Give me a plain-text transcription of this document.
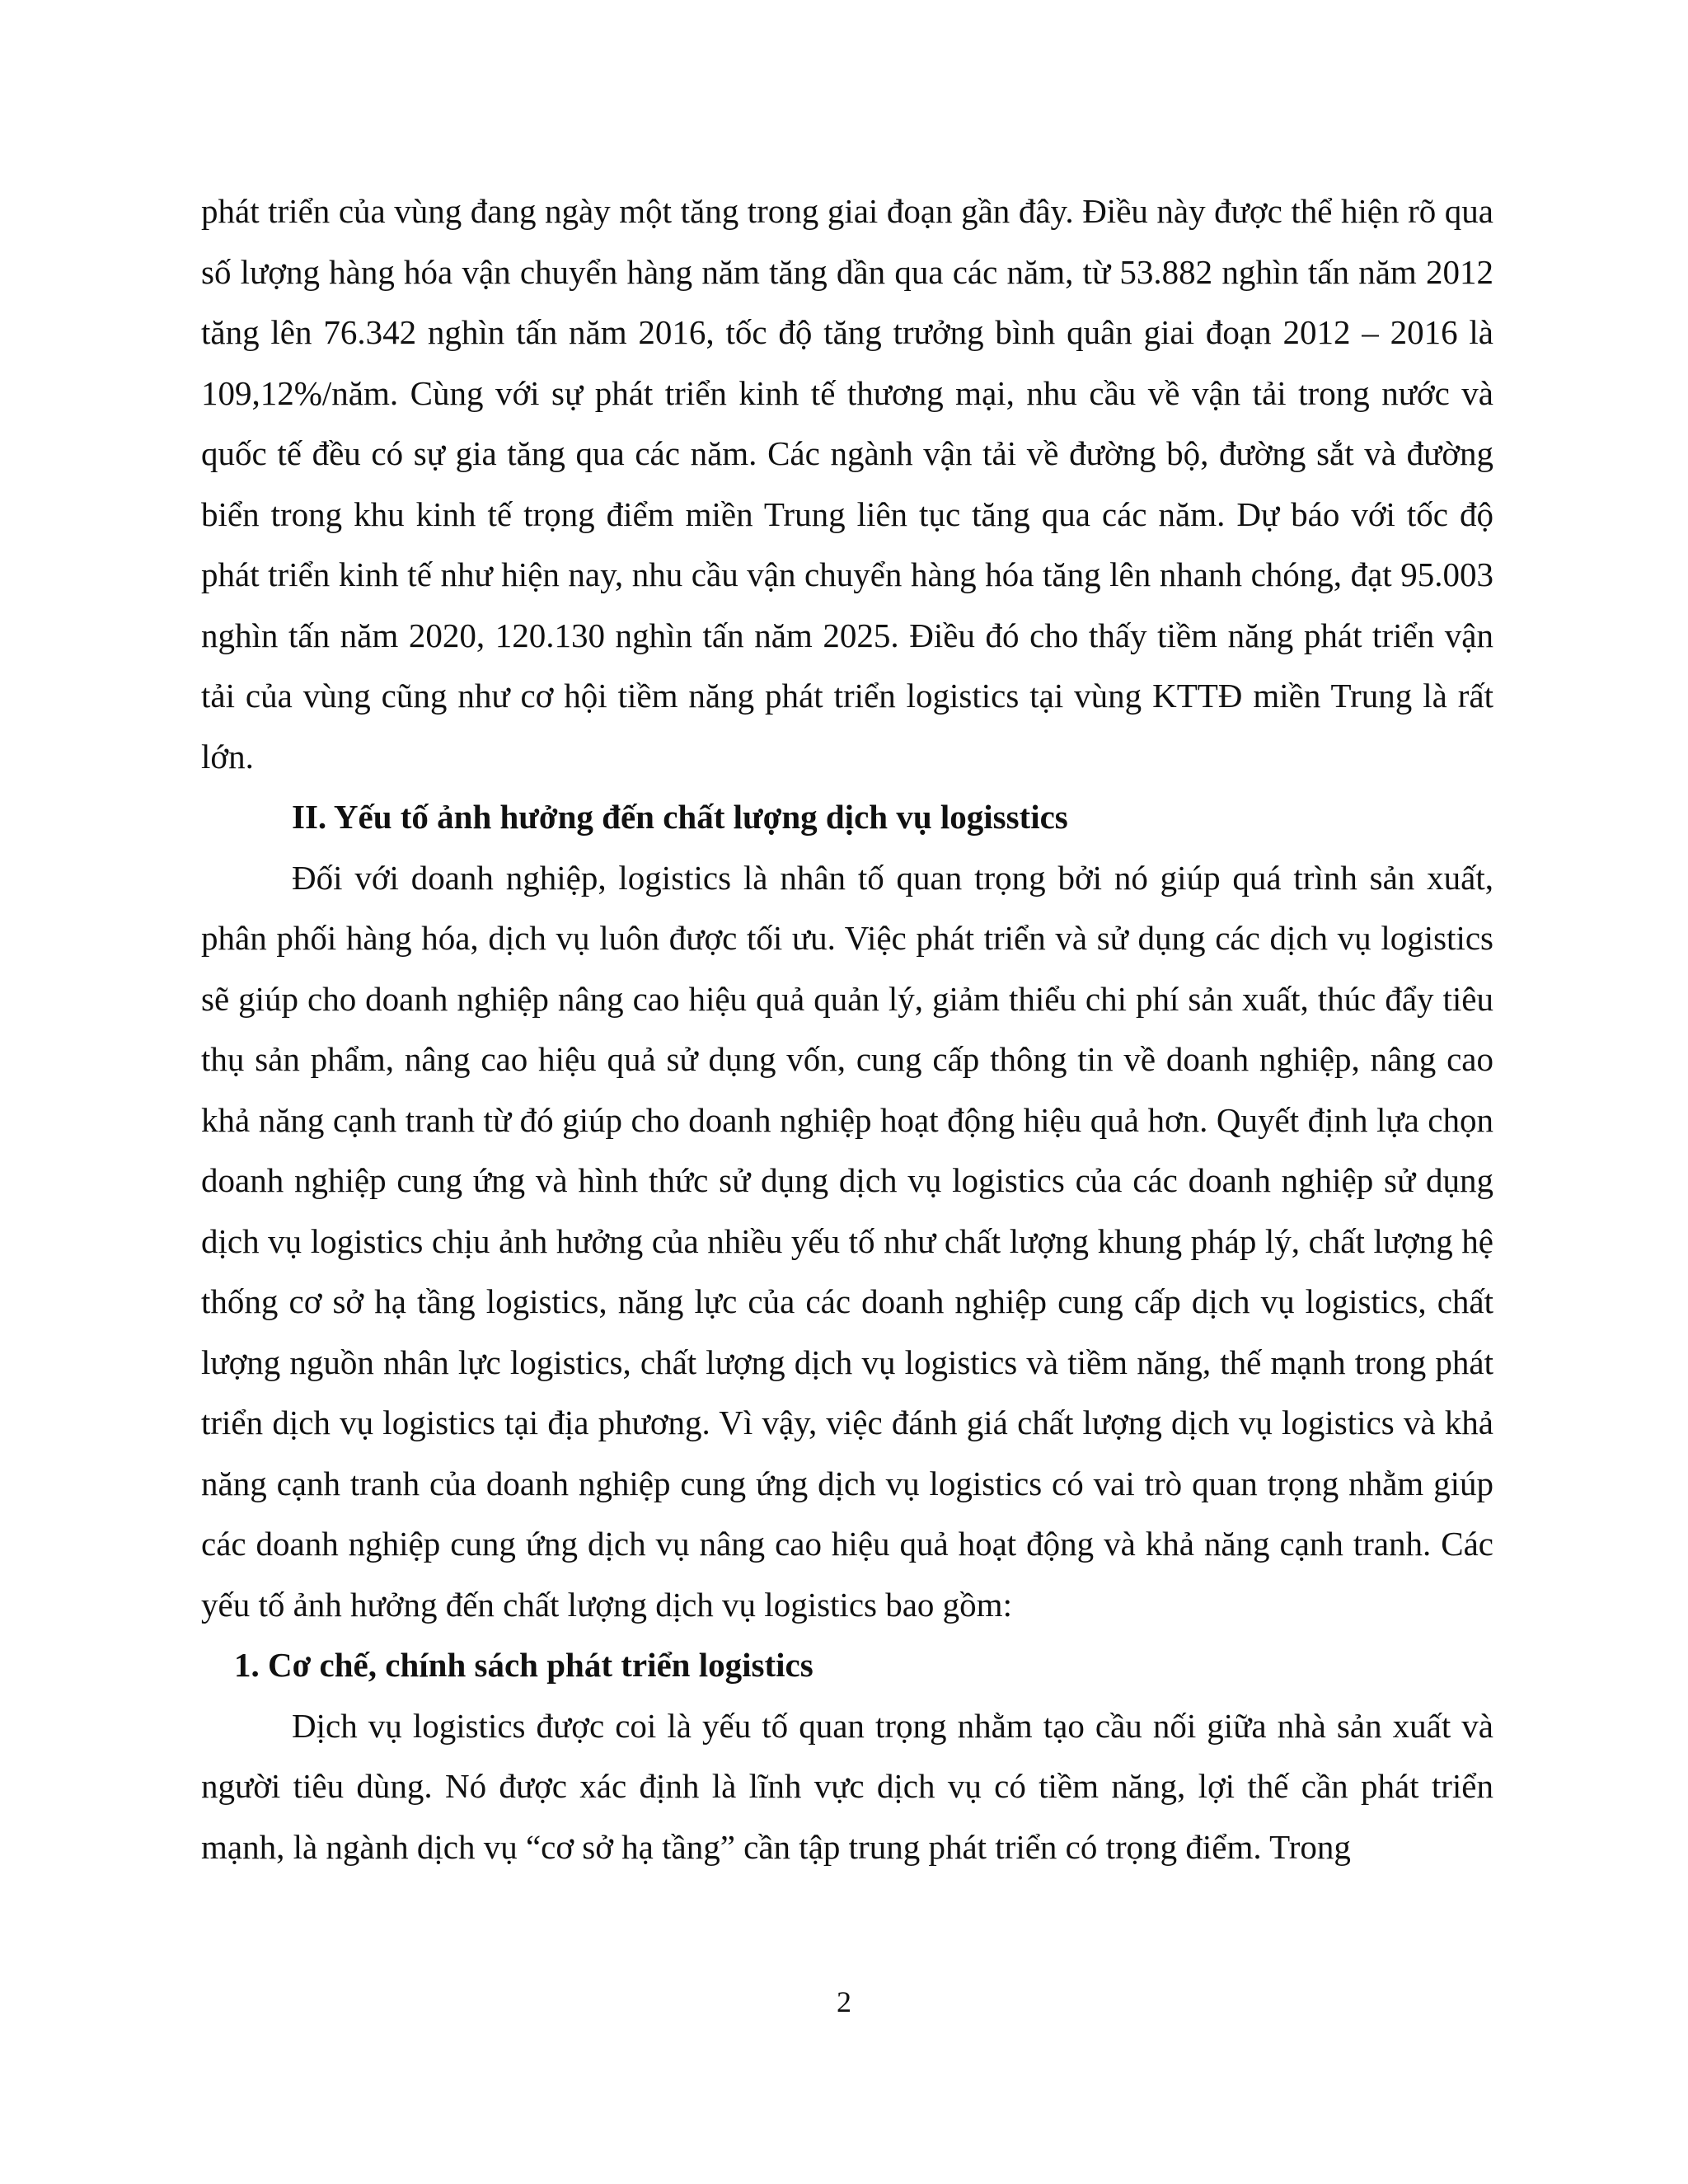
phát triển của vùng đang ngày một tăng trong giai đoạn gần đây. Điều này được thể hiện rõ qua số lượng hàng hóa vận chuyển hàng năm tăng dần qua các năm, từ 53.882 nghìn tấn năm 2012 tăng lên 76.342 nghìn tấn năm 2016, tốc độ tăng trưởng bình quân giai đoạn 2012 – 2016 là 109,12%/năm. Cùng với sự phát triển kinh tế thương mại, nhu cầu về vận tải trong nước và quốc tế đều có sự gia tăng qua các năm. Các ngành vận tải về đường bộ, đường sắt và đường biển trong khu kinh tế trọng điểm miền Trung liên tục tăng qua các năm. Dự báo với tốc độ phát triển kinh tế như hiện nay, nhu cầu vận chuyển hàng hóa tăng lên nhanh chóng, đạt 95.003 nghìn tấn năm 2020, 120.130 nghìn tấn năm 2025. Điều đó cho thấy tiềm năng phát triển vận tải của vùng cũng như cơ hội tiềm năng phát triển logistics tại vùng KTTĐ miền Trung là rất lớn.

II. Yếu tố ảnh hưởng đến chất lượng dịch vụ logisstics

Đối với doanh nghiệp, logistics là nhân tố quan trọng bởi nó giúp quá trình sản xuất, phân phối hàng hóa, dịch vụ luôn được tối ưu. Việc phát triển và sử dụng các dịch vụ logistics sẽ giúp cho doanh nghiệp nâng cao hiệu quả quản lý, giảm thiểu chi phí sản xuất, thúc đẩy tiêu thụ sản phẩm, nâng cao hiệu quả sử dụng vốn, cung cấp thông tin về doanh nghiệp, nâng cao khả năng cạnh tranh từ đó giúp cho doanh nghiệp hoạt động hiệu quả hơn. Quyết định lựa chọn doanh nghiệp cung ứng và hình thức sử dụng dịch vụ logistics của các doanh nghiệp sử dụng dịch vụ logistics chịu ảnh hưởng của nhiều yếu tố như chất lượng khung pháp lý, chất lượng hệ thống cơ sở hạ tầng logistics, năng lực của các doanh nghiệp cung cấp dịch vụ logistics, chất lượng nguồn nhân lực logistics, chất lượng dịch vụ logistics và tiềm năng, thế mạnh trong phát triển dịch vụ logistics tại địa phương. Vì vậy, việc đánh giá chất lượng dịch vụ logistics và khả năng cạnh tranh của doanh nghiệp cung ứng dịch vụ logistics có vai trò quan trọng nhằm giúp các doanh nghiệp cung ứng dịch vụ nâng cao hiệu quả hoạt động và khả năng cạnh tranh. Các yếu tố ảnh hưởng đến chất lượng dịch vụ logistics bao gồm:

1. Cơ chế, chính sách phát triển logistics

Dịch vụ logistics được coi là yếu tố quan trọng nhằm tạo cầu nối giữa nhà sản xuất và người tiêu dùng. Nó được xác định là lĩnh vực dịch vụ có tiềm năng, lợi thế cần phát triển mạnh, là ngành dịch vụ “cơ sở hạ tầng” cần tập trung phát triển có trọng điểm. Trong

2
